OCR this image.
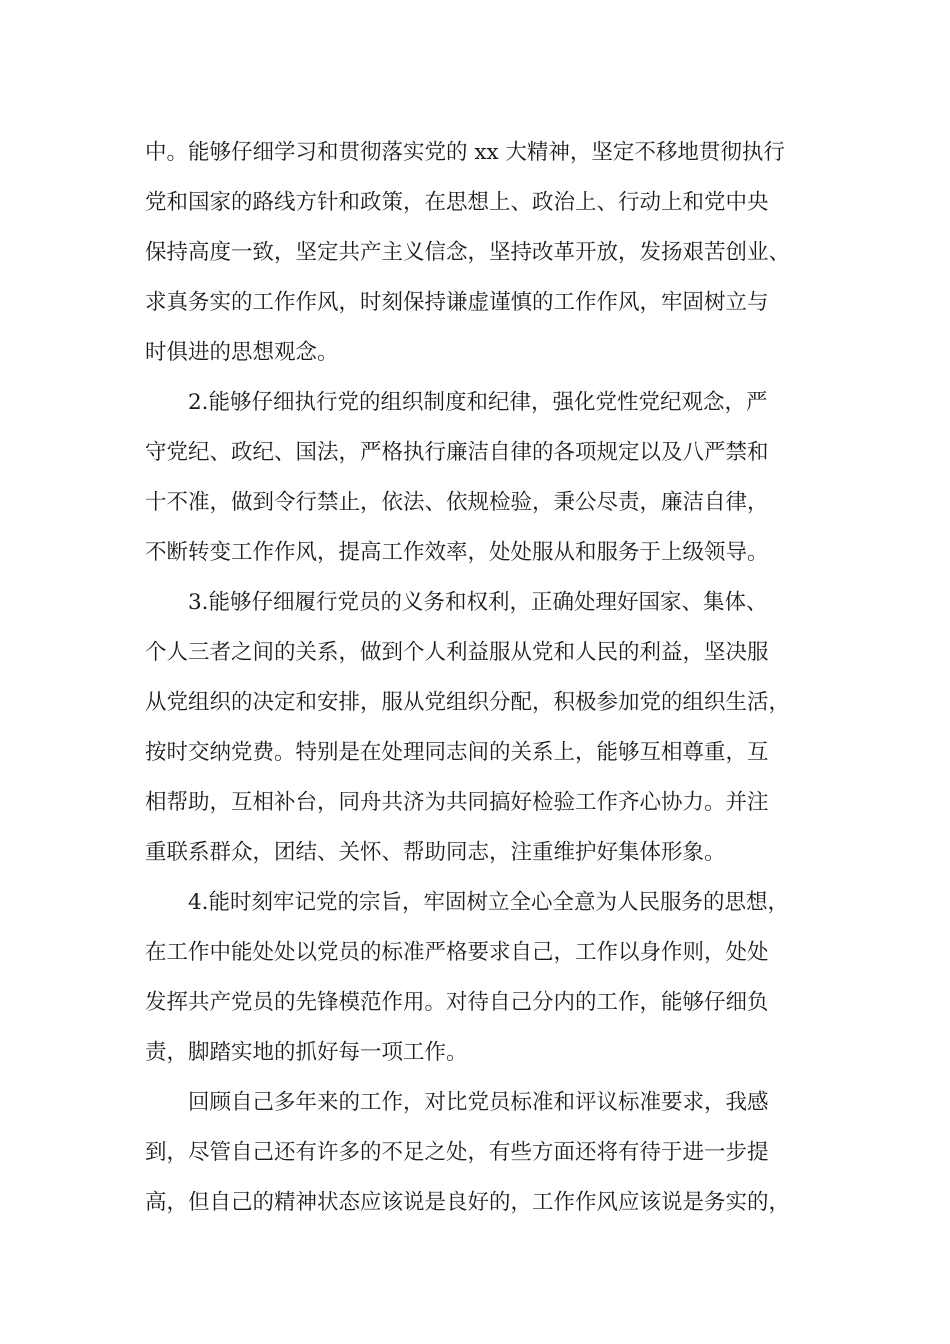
中。能够仔细学习和贯彻落实党的 xx 大精神，坚定不移地贯彻执行
党和国家的路线方针和政策，在思想上、政治上、行动上和党中央
保持高度一致，坚定共产主义信念，坚持改革开放，发扬艰苦创业、
求真务实的工作作风，时刻保持谦虚谨慎的工作作风，牢固树立与
时俱进的思想观念。
2.能够仔细执行党的组织制度和纪律，强化党性党纪观念，严
守党纪、政纪、国法，严格执行廉洁自律的各项规定以及八严禁和
十不准，做到令行禁止，依法、依规检验，秉公尽责，廉洁自律，
不断转变工作作风，提高工作效率，处处服从和服务于上级领导。
3.能够仔细履行党员的义务和权利，正确处理好国家、集体、
个人三者之间的关系，做到个人利益服从党和人民的利益，坚决服
从党组织的决定和安排，服从党组织分配，积极参加党的组织生活，
按时交纳党费。特别是在处理同志间的关系上，能够互相尊重，互
相帮助，互相补台，同舟共济为共同搞好检验工作齐心协力。并注
重联系群众，团结、关怀、帮助同志，注重维护好集体形象。
4.能时刻牢记党的宗旨，牢固树立全心全意为人民服务的思想，
在工作中能处处以党员的标准严格要求自己，工作以身作则，处处
发挥共产党员的先锋模范作用。对待自己分内的工作，能够仔细负
责，脚踏实地的抓好每一项工作。
回顾自己多年来的工作，对比党员标准和评议标准要求，我感
到，尽管自己还有许多的不足之处，有些方面还将有待于进一步提
高，但自己的精神状态应该说是良好的，工作作风应该说是务实的，
